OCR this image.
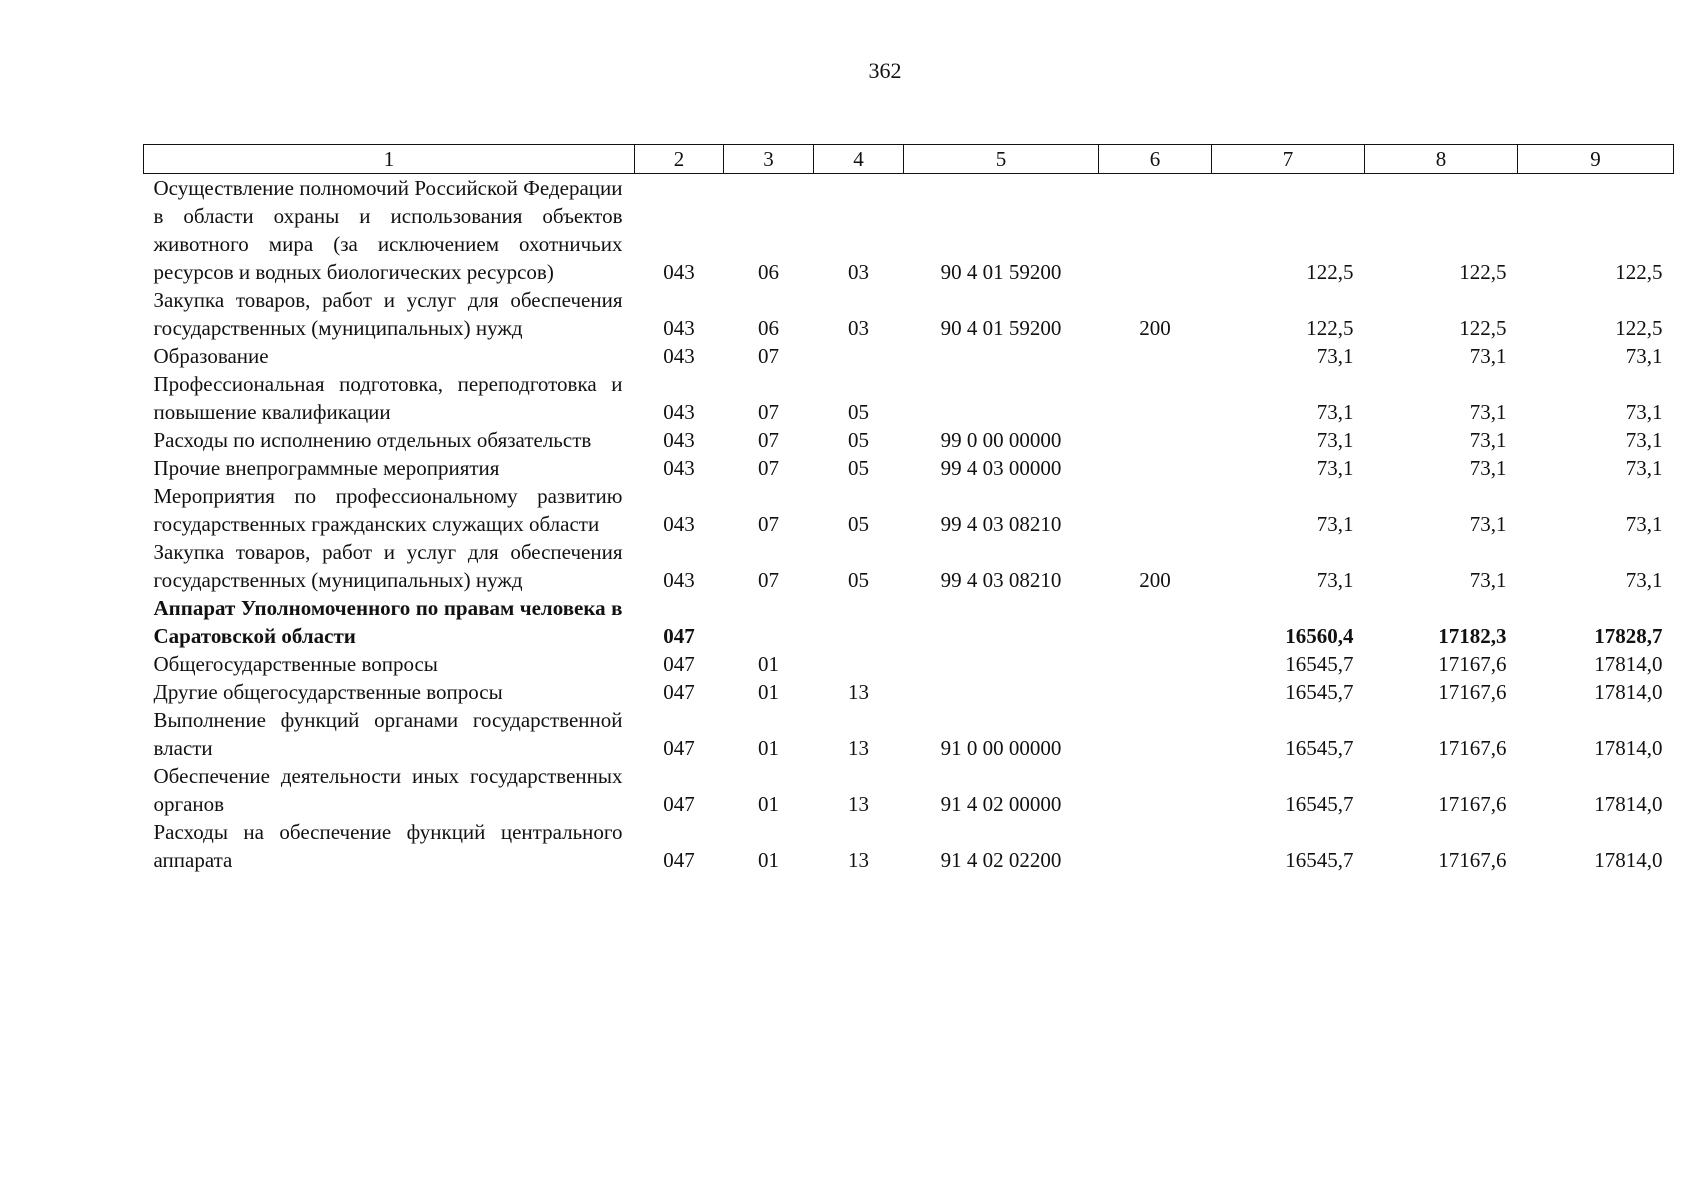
362
1	2	3	4	5	6	7	8	9
Осуществление полномочий Российской Федерации в области охраны и использования объектов животного мира (за исключением охотничьих ресурсов и водных биологических ресурсов)	043	06	03	90 4 01 59200		122,5	122,5	122,5
Закупка товаров, работ и услуг для обеспечения государственных (муниципальных) нужд	043	06	03	90 4 01 59200	200	122,5	122,5	122,5
Образование	043	07				73,1	73,1	73,1
Профессиональная подготовка, переподготовка и повышение квалификации	043	07	05			73,1	73,1	73,1
Расходы по исполнению отдельных обязательств	043	07	05	99 0 00 00000		73,1	73,1	73,1
Прочие внепрограммные мероприятия	043	07	05	99 4 03 00000		73,1	73,1	73,1
Мероприятия по профессиональному развитию государственных гражданских служащих области	043	07	05	99 4 03 08210		73,1	73,1	73,1
Закупка товаров, работ и услуг для обеспечения государственных (муниципальных) нужд	043	07	05	99 4 03 08210	200	73,1	73,1	73,1
Аппарат Уполномоченного по правам человека в Саратовской области	047					16560,4	17182,3	17828,7
Общегосударственные вопросы	047	01				16545,7	17167,6	17814,0
Другие общегосударственные вопросы	047	01	13			16545,7	17167,6	17814,0
Выполнение функций органами государственной власти	047	01	13	91 0 00 00000		16545,7	17167,6	17814,0
Обеспечение деятельности иных государственных органов	047	01	13	91 4 02 00000		16545,7	17167,6	17814,0
Расходы на обеспечение функций центрального аппарата	047	01	13	91 4 02 02200		16545,7	17167,6	17814,0
